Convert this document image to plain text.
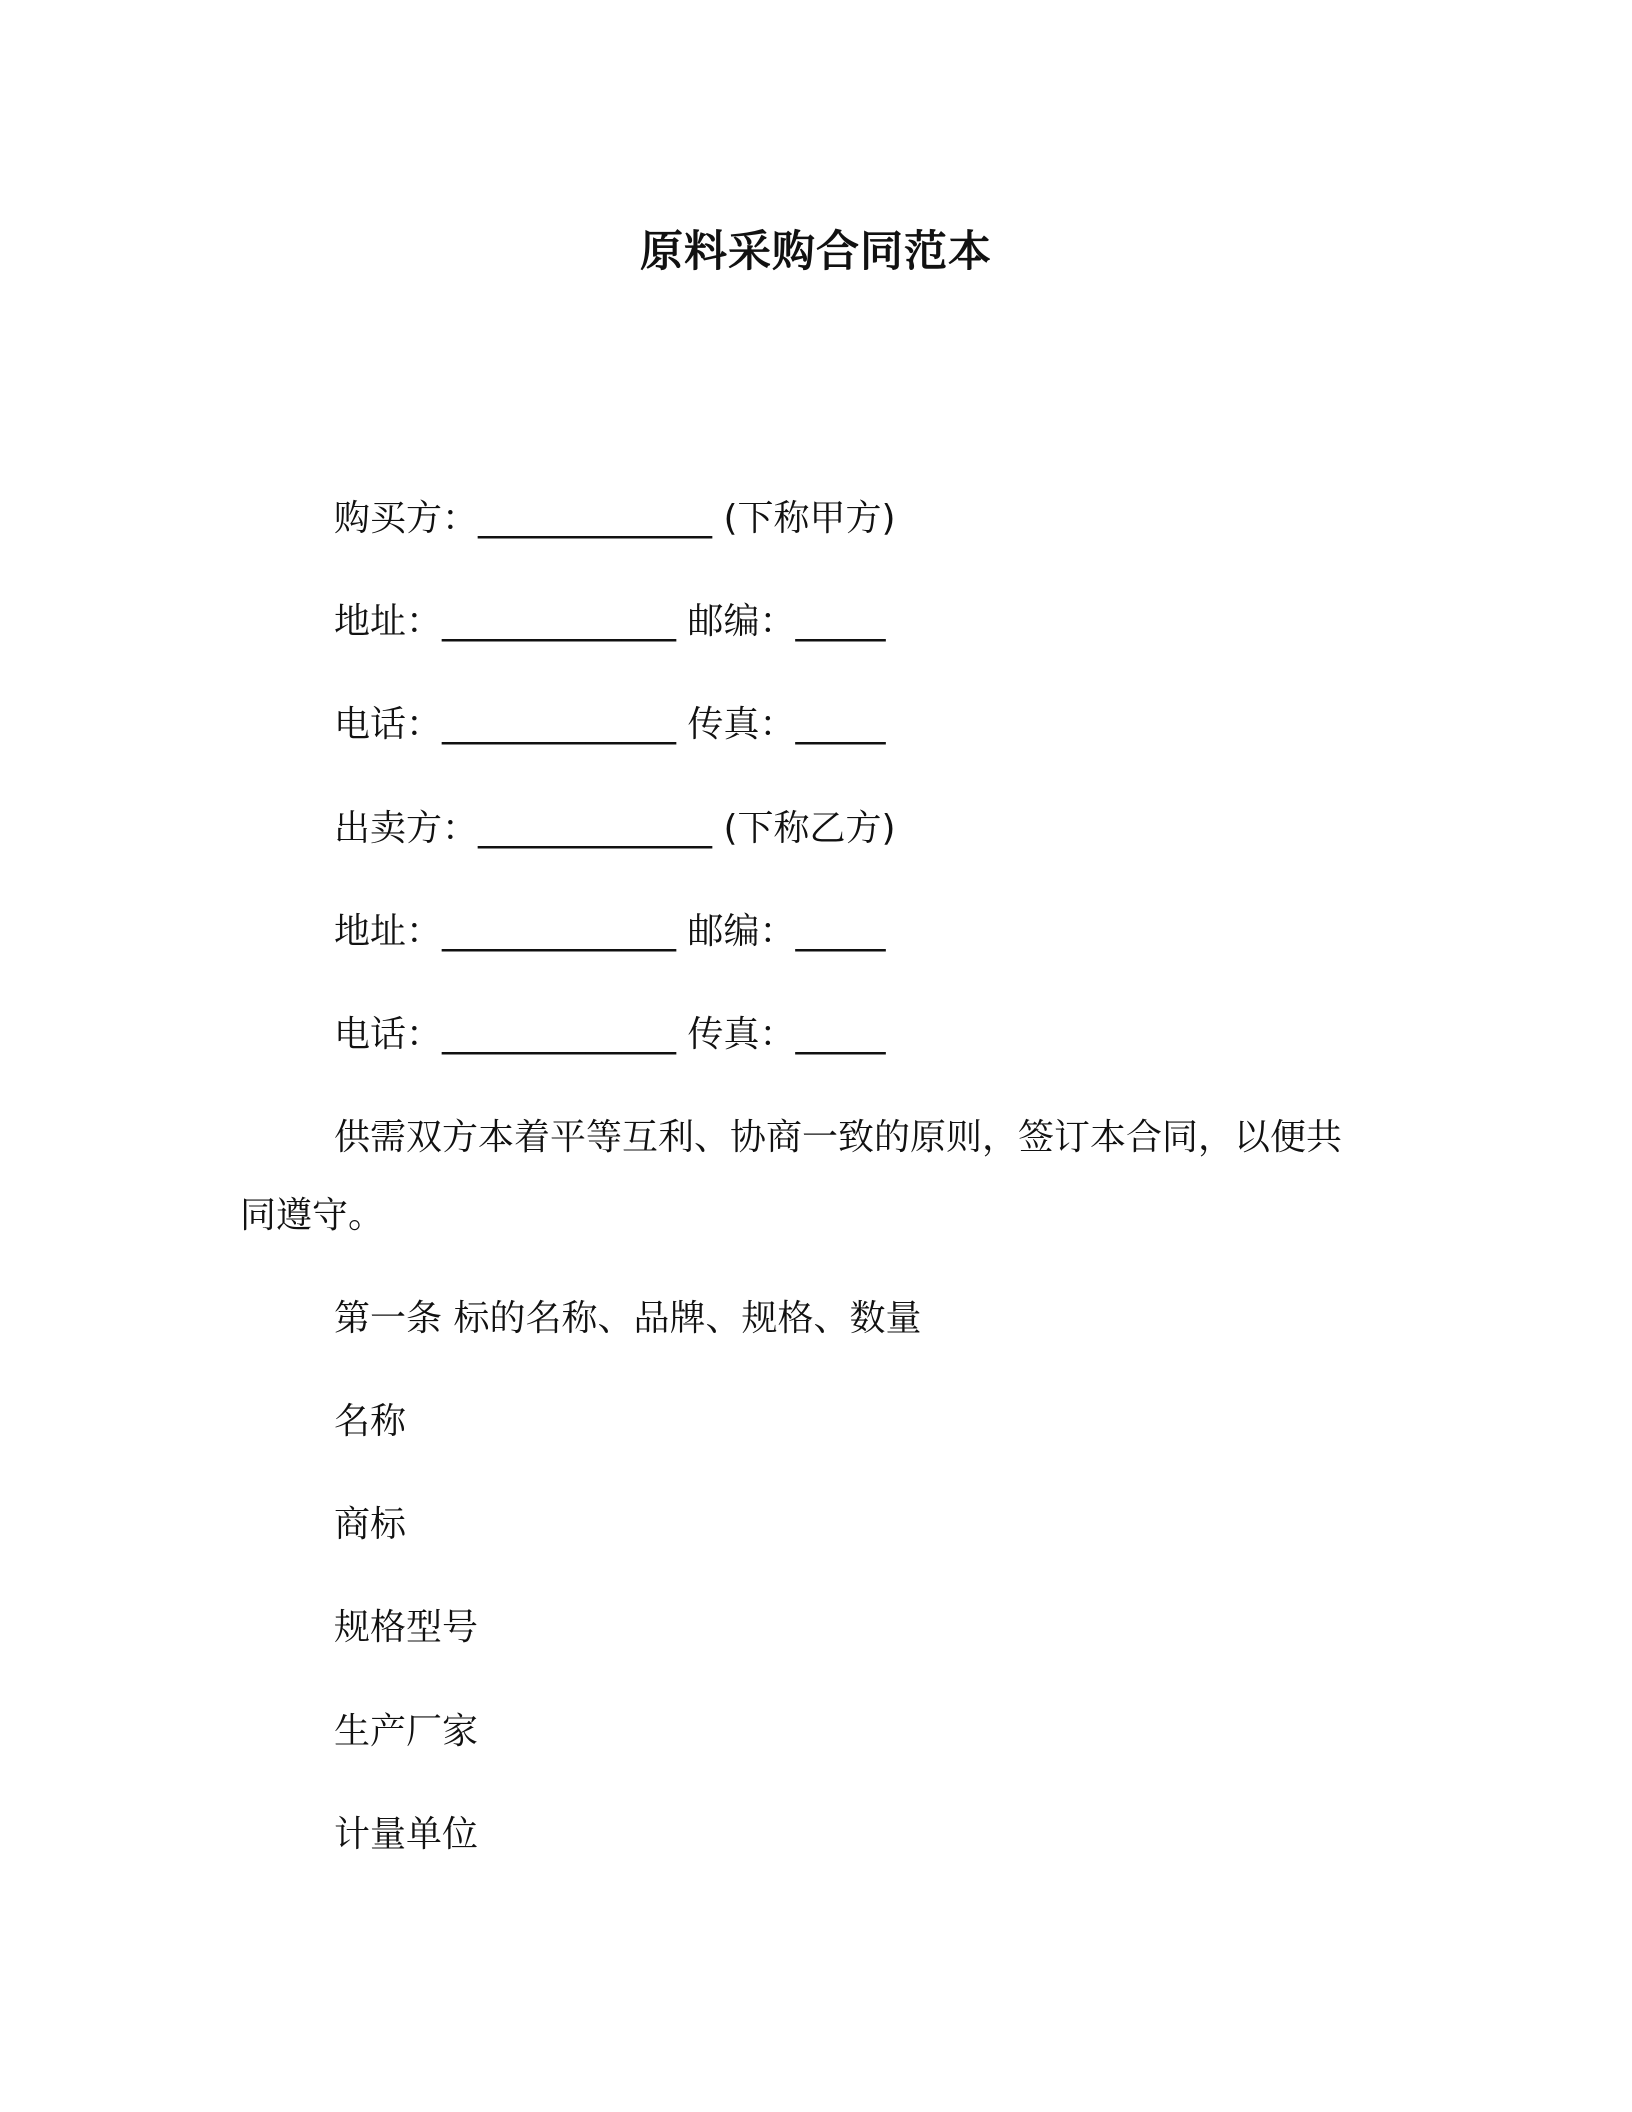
原料采购合同范本
购买方：_____________ (下称甲方)
地址：_____________ 邮编：_____
电话：_____________ 传真：_____
出卖方：_____________ (下称乙方)
地址：_____________ 邮编：_____
电话：_____________ 传真：_____
供需双方本着平等互利、协商一致的原则，签订本合同，以便共
同遵守。
第一条 标的名称、品牌、规格、数量
名称
商标
规格型号
生产厂家
计量单位
